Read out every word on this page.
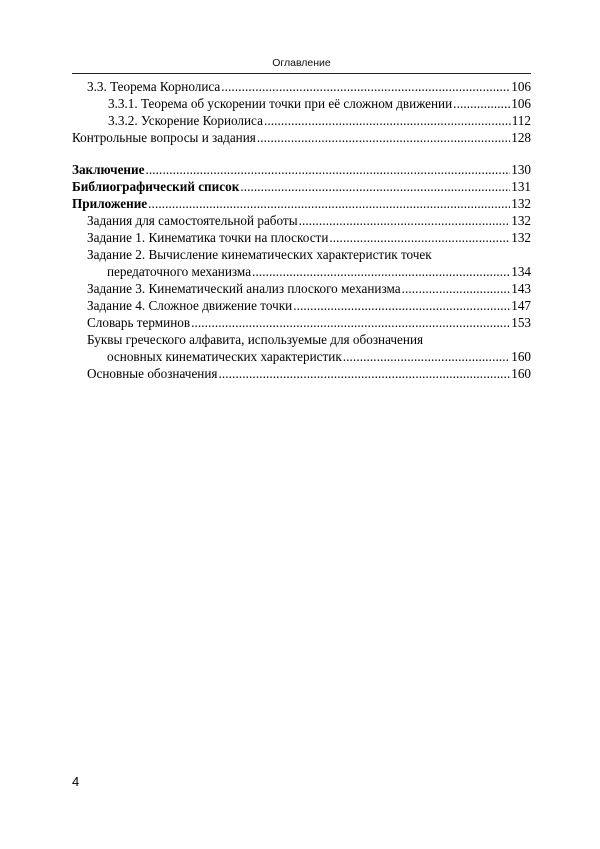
Оглавление
3.3. Теорема Корнолиса . . .	106
3.3.1. Теорема об ускорении точки при её сложном движении . . .	106
3.3.2. Ускорение Кориолиса . . .	112
Контрольные вопросы и задания . . .	128
Заключение . . .	130
Библиографический список . . .	131
Приложение . . .	132
Задания для самостоятельной работы . . .	132
Задание 1. Кинематика точки на плоскости . . .	132
Задание 2. Вычисление кинематических характеристик точек
передаточного механизма . . .	134
Задание 3. Кинематический анализ плоского механизма . . .	143
Задание 4. Сложное движение точки . . .	147
Словарь терминов . . .	153
Буквы греческого алфавита, используемые для обозначения
основных кинематических характеристик . . .	160
Основные обозначения . . .	160
4
